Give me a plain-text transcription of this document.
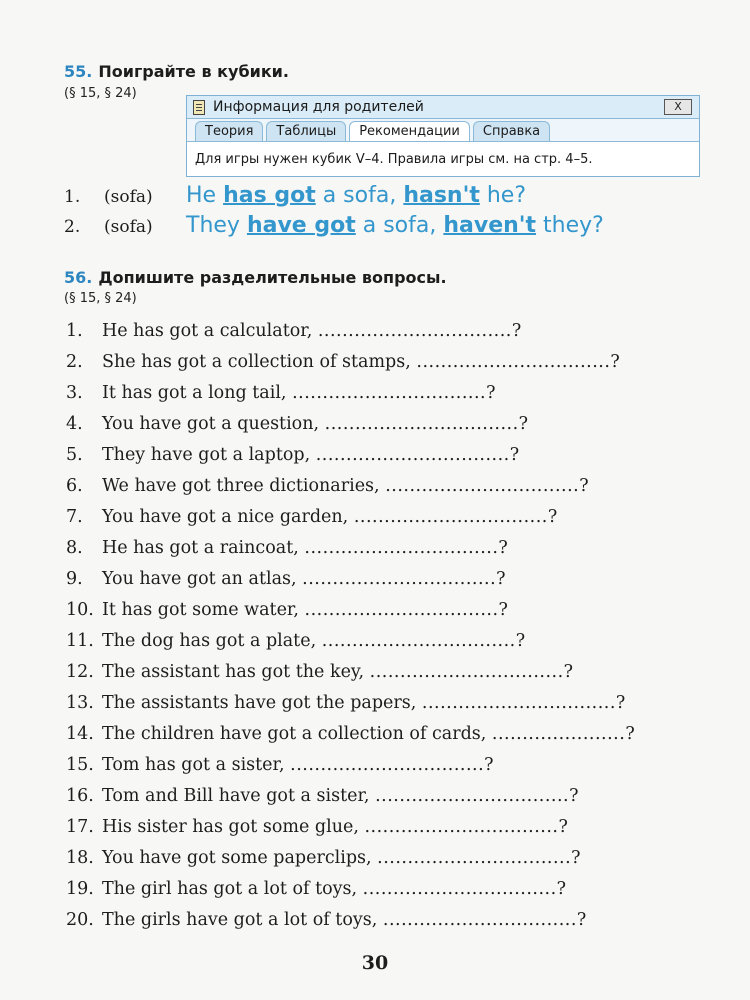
55. Поиграйте в кубики.
(§ 15, § 24)
Информация для родителей	X
Теория	Таблицы	Рекомендации	Справка
Для игры нужен кубик V–4. Правила игры см. на стр. 4–5.
1. (sofa) He has got a sofa, hasn't he?
2. (sofa) They have got a sofa, haven't they?
56. Допишите разделительные вопросы.
(§ 15, § 24)
1. He has got a calculator, ................................?
2. She has got a collection of stamps, ................................?
3. It has got a long tail, ................................?
4. You have got a question, ................................?
5. They have got a laptop, ................................?
6. We have got three dictionaries, ................................?
7. You have got a nice garden, ................................?
8. He has got a raincoat, ................................?
9. You have got an atlas, ................................?
10. It has got some water, ................................?
11. The dog has got a plate, ................................?
12. The assistant has got the key, ................................?
13. The assistants have got the papers, ................................?
14. The children have got a collection of cards, ......................?
15. Tom has got a sister, ................................?
16. Tom and Bill have got a sister, ................................?
17. His sister has got some glue, ................................?
18. You have got some paperclips, ................................?
19. The girl has got a lot of toys, ................................?
20. The girls have got a lot of toys, ................................?
30
